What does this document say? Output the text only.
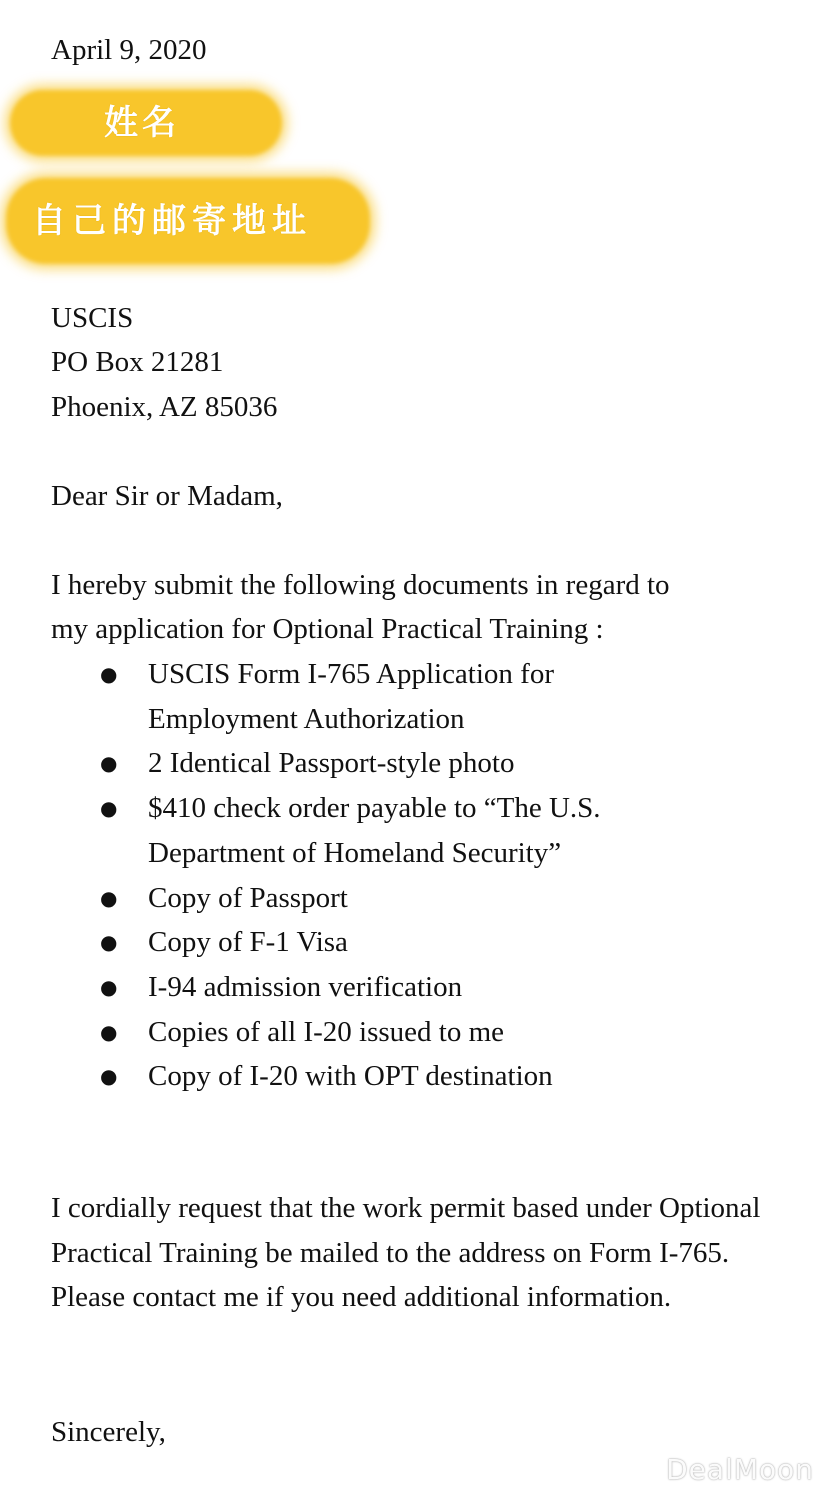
April 9, 2020
姓名
自己的邮寄地址
USCIS
PO Box 21281
Phoenix, AZ 85036
Dear Sir or Madam,
I hereby submit the following documents in regard to
my application for Optional Practical Training :
● USCIS Form I-765 Application for Employment Authorization
● 2 Identical Passport-style photo
● $410 check order payable to “The U.S. Department of Homeland Security”
● Copy of Passport
● Copy of F-1 Visa
● I-94 admission verification
● Copies of all I-20 issued to me
● Copy of I-20 with OPT destination

I cordially request that the work permit based under Optional Practical Training be mailed to the address on Form I-765. Please contact me if you need additional information.

Sincerely,
DealMoon
